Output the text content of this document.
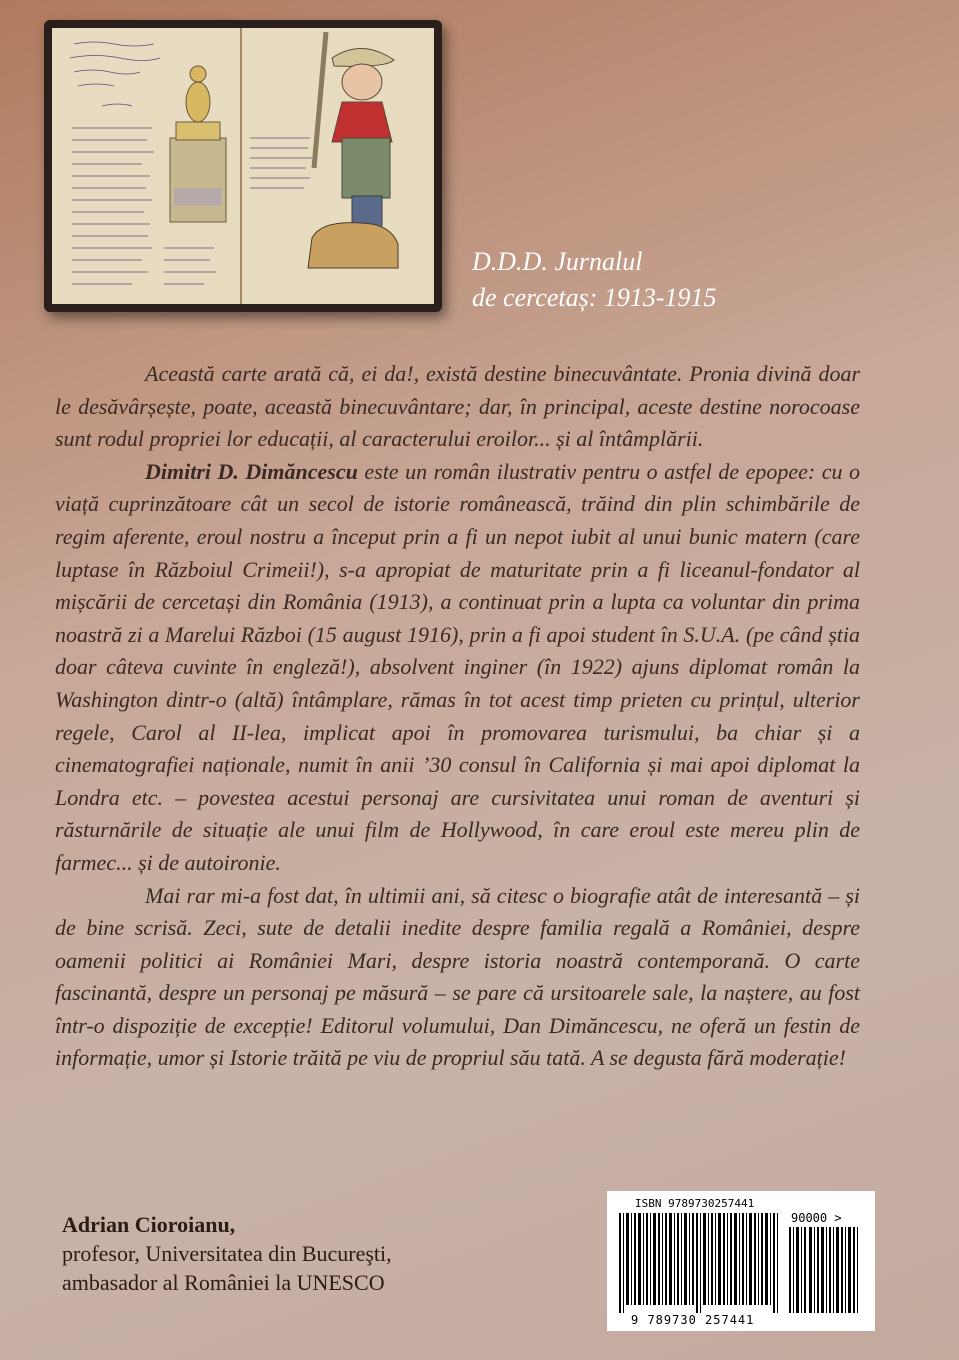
D.D.D. Jurnalul
de cercetaș: 1913-1915

Această carte arată că, ei da!, există destine binecuvântate. Pronia divină doar le desăvârșește, poate, această binecuvântare; dar, în principal, aceste destine norocoase sunt rodul propriei lor educații, al caracterului eroilor... și al întâmplării.

Dimitri D. Dimăncescu este un român ilustrativ pentru o astfel de epopee: cu o viață cuprinzătoare cât un secol de istorie românească, trăind din plin schimbările de regim aferente, eroul nostru a început prin a fi un nepot iubit al unui bunic matern (care luptase în Războiul Crimeii!), s-a apropiat de maturitate prin a fi liceanul-fondator al mișcării de cercetași din România (1913), a continuat prin a lupta ca voluntar din prima noastră zi a Marelui Război (15 august 1916), prin a fi apoi student în S.U.A. (pe când știa doar câteva cuvinte în engleză!), absolvent inginer (în 1922) ajuns diplomat român la Washington dintr-o (altă) întâmplare, rămas în tot acest timp prieten cu prințul, ulterior regele, Carol al II-lea, implicat apoi în promovarea turismului, ba chiar și a cinematografiei naționale, numit în anii ’30 consul în California și mai apoi diplomat la Londra etc. – povestea acestui personaj are cursivitatea unui roman de aventuri și răsturnările de situație ale unui film de Hollywood, în care eroul este mereu plin de farmec... și de autoironie.

Mai rar mi-a fost dat, în ultimii ani, să citesc o biografie atât de interesantă – și de bine scrisă. Zeci, sute de detalii inedite despre familia regală a României, despre oamenii politici ai României Mari, despre istoria noastră contemporană. O carte fascinantă, despre un personaj pe măsură – se pare că ursitoarele sale, la naștere, au fost într-o dispoziție de excepție! Editorul volumului, Dan Dimăncescu, ne oferă un festin de informație, umor și Istorie trăită pe viu de propriul său tată. A se degusta fără moderație!

Adrian Cioroianu,
profesor, Universitatea din Bucureşti,
ambasador al României la UNESCO
ISBN 9789730257441
90000 >
9 789730 257441
